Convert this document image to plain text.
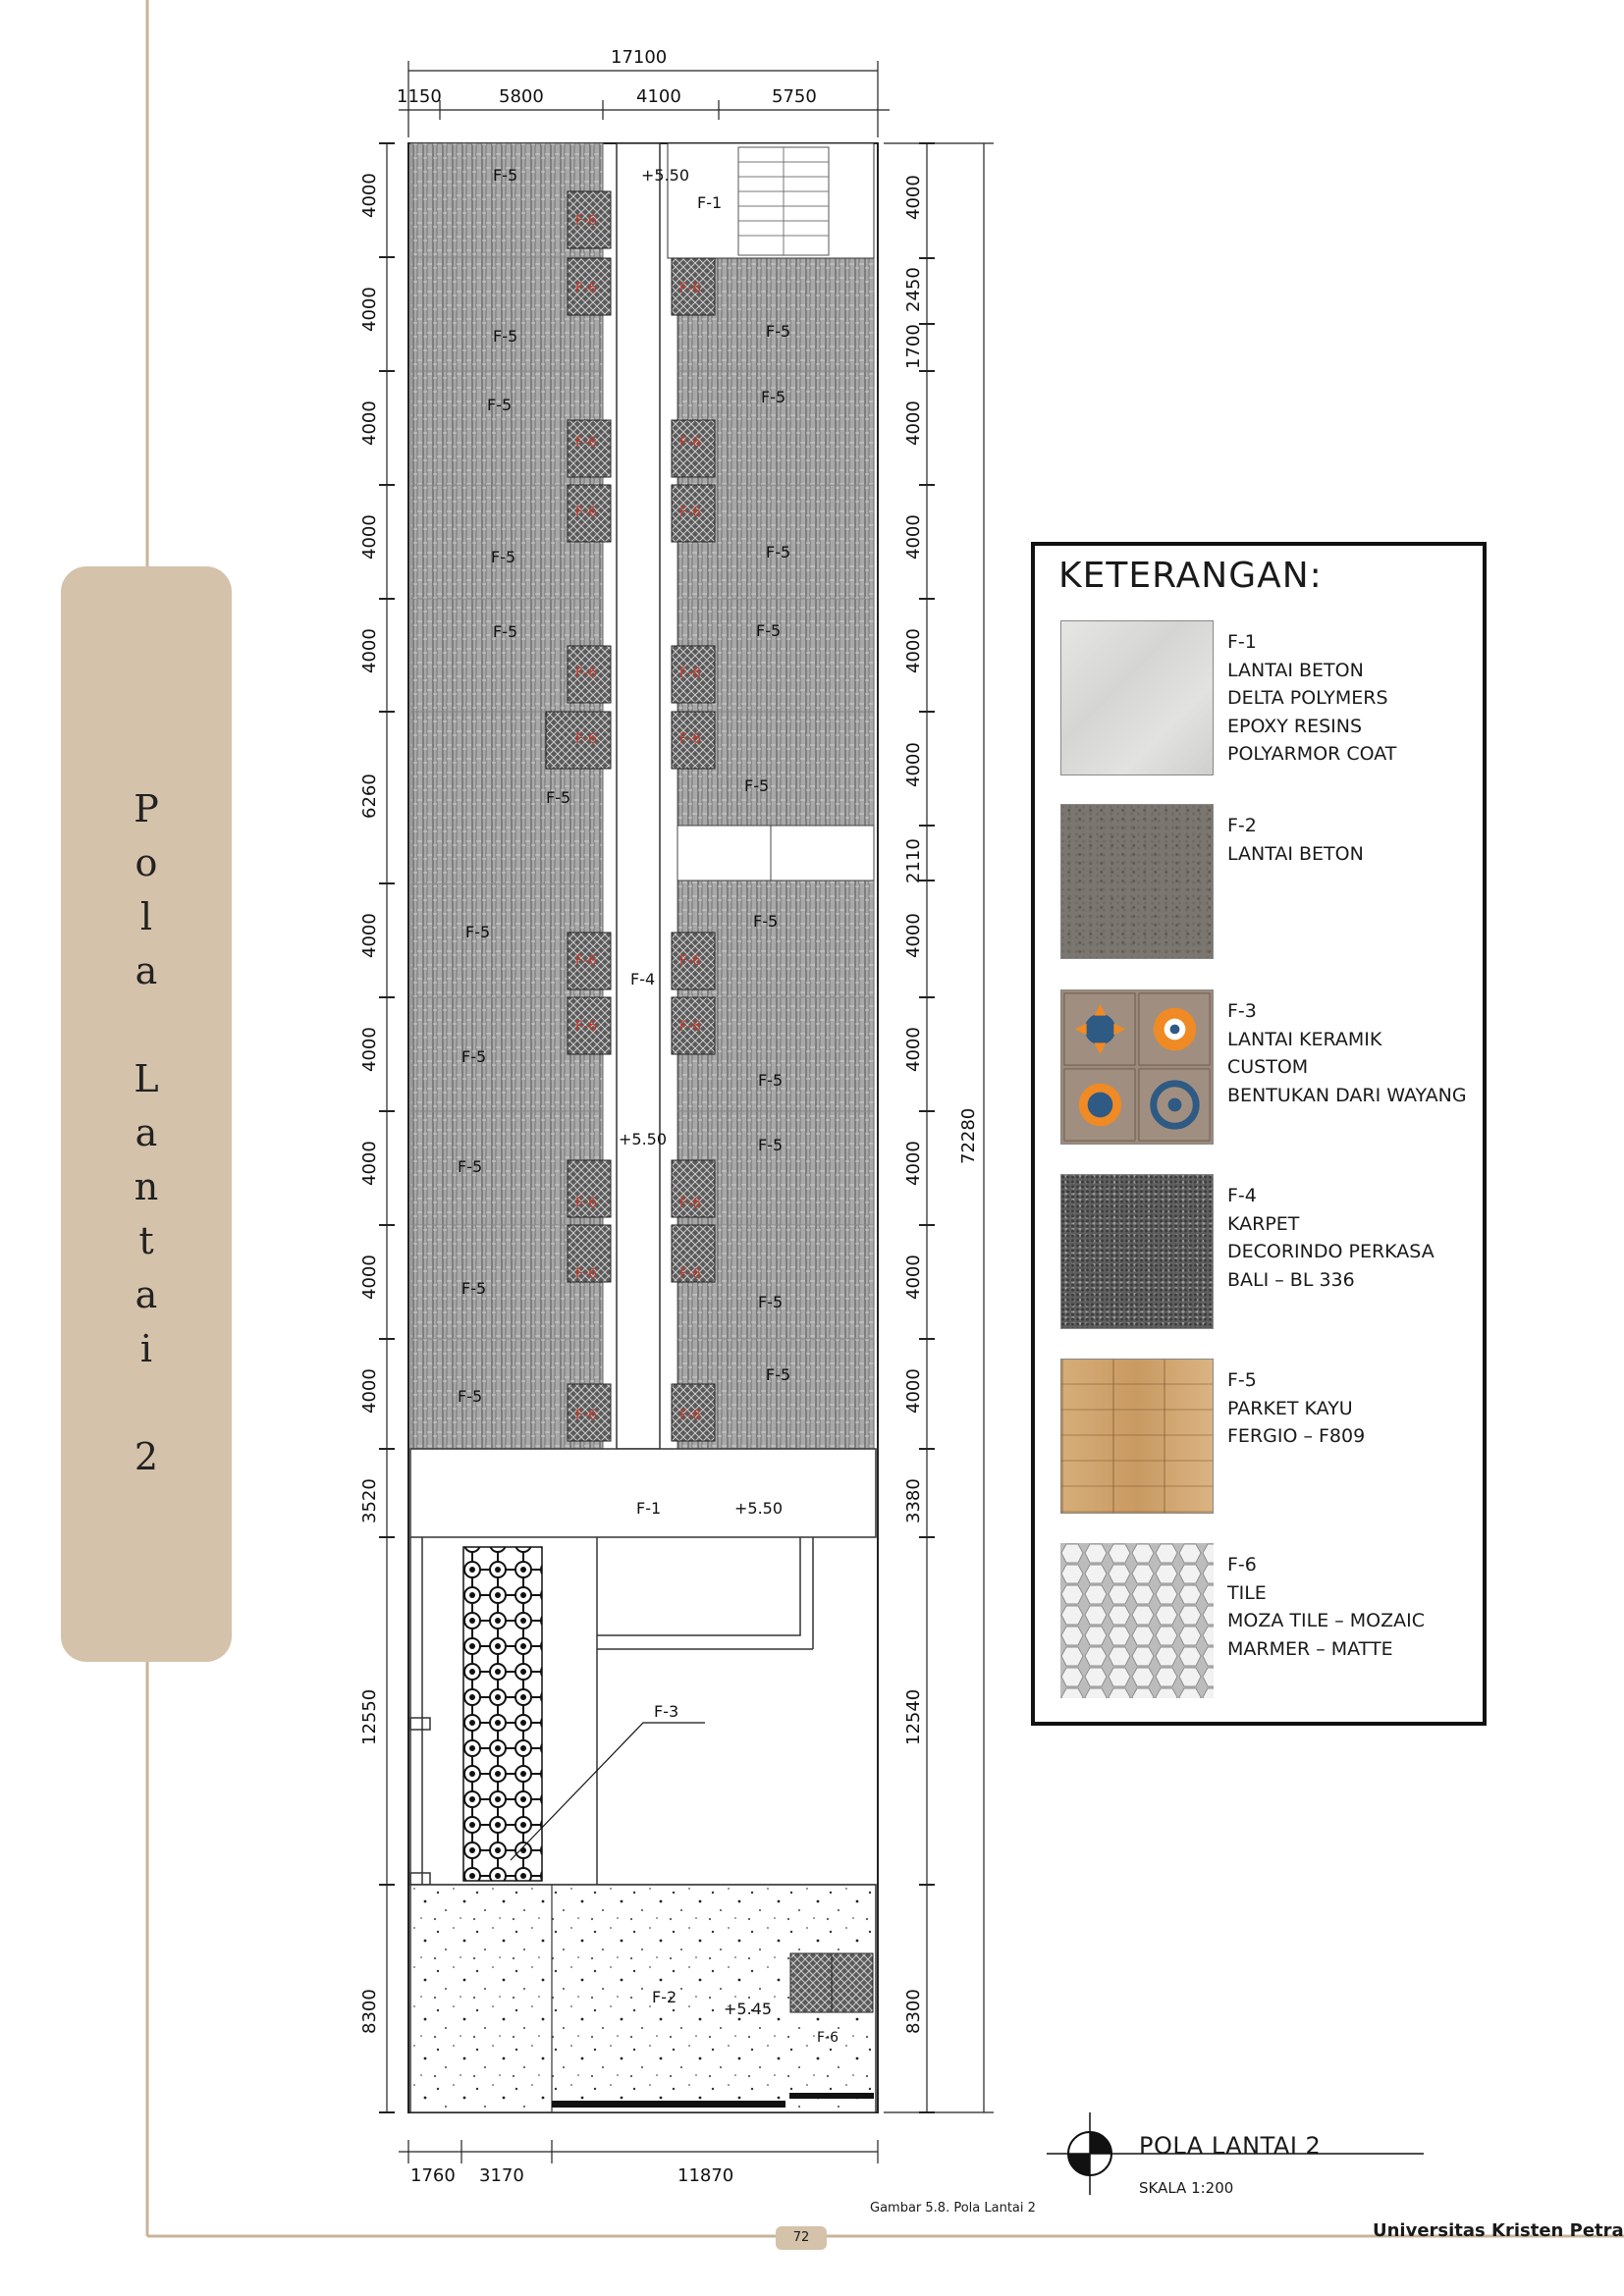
F-5	+5.50
F-1
F-5	F-5
F-5	F-5
F-5	F-5
F-5	F-5
F-5
F-5
F-5
F-5
F-4
F-5
F-5
+5.50
F-5
F-5
F-5
F-5
F-5
F-5
F-1	+5.50
F-3
F-2
+5.45
F-6
F-6	F-6
F-6	F-6
F-6	F-6
F-6	F-6
F-6	F-6
F-6	F-6
F-6	F-6
F-6	F-6
F-6	F-6
F-6	F-6
F-6
17100
1150	5800	4100	5750
1760 3170	11870
4000
4000
4000
4000
4000
6260
4000
4000
4000
4000
4000
3520
12550
8300
4000
2450
1700
4000
4000
4000
4000
2110
4000
4000
4000
4000
4000
3380
12540
8300
72280
P
o
l
a

L
a
n
t
a
i

2
KETERANGAN:
F-1
LANTAI BETON
DELTA POLYMERS
EPOXY RESINS
POLYARMOR COAT
F-2
LANTAI BETON
F-3
LANTAI KERAMIK
CUSTOM
BENTUKAN DARI WAYANG
F-4
KARPET
DECORINDO PERKASA
BALI – BL 336
F-5
PARKET KAYU
FERGIO – F809
F-6
TILE
MOZA TILE – MOZAIC
MARMER – MATTE
POLA LANTAI 2
SKALA 1:200
Gambar 5.8. Pola Lantai 2
Universitas Kristen Petra
72
